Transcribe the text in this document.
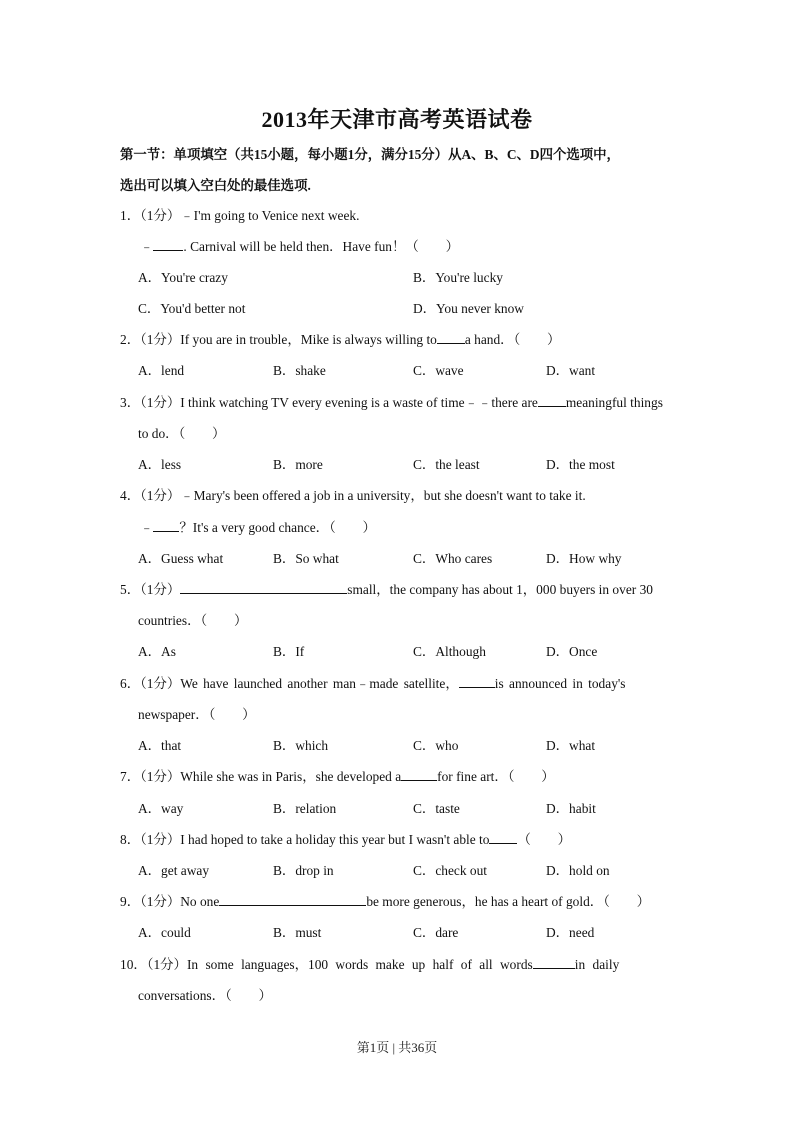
2013年天津市高考英语试卷
第一节：单项填空（共15小题，每小题1分，满分15分）从A、B、C、D四个选项中，
选出可以填入空白处的最佳选项.
1．（1分）﹣I'm going to Venice next week.
﹣ . Carnival will be held then．Have fun！（　　）
A．You're crazy	B．You're lucky
C．You'd better not	D．You never know
2．（1分）If you are in trouble，Mike is always willing to a hand．（　　）
A．lend	B．shake	C．wave	D．want
3．（1分）I think watching TV every evening is a waste of time﹣﹣there are meaningful things
to do．（　　）
A．less	B．more	C．the least	D．the most
4．（1分）﹣Mary's been offered a job in a university，but she doesn't want to take it.
﹣ ？It's a very good chance．（　　）
A．Guess what	B．So what	C．Who cares	D．How why
5．（1分）	small，the company has about 1，000 buyers in over 30
countries．（　　）
A．As	B．If	C．Although	D．Once
6．（1分）We have launched another man﹣made satellite，	is announced in today's
newspaper．（　　）
A．that	B．which	C．who	D．what
7．（1分）While she was in Paris，she developed a	for fine art．（　　）
A．way	B．relation	C．taste	D．habit
8．（1分）I had hoped to take a holiday this year but I wasn't able to （　　）
A．get away	B．drop in	C．check out	D．hold on
9．（1分）No one	be more generous，he has a heart of gold．（　　）
A．could	B．must	C．dare	D．need
10．（1分）In some languages，100 words make up half of all words	in daily
conversations．（　　）
第1页 | 共36页
